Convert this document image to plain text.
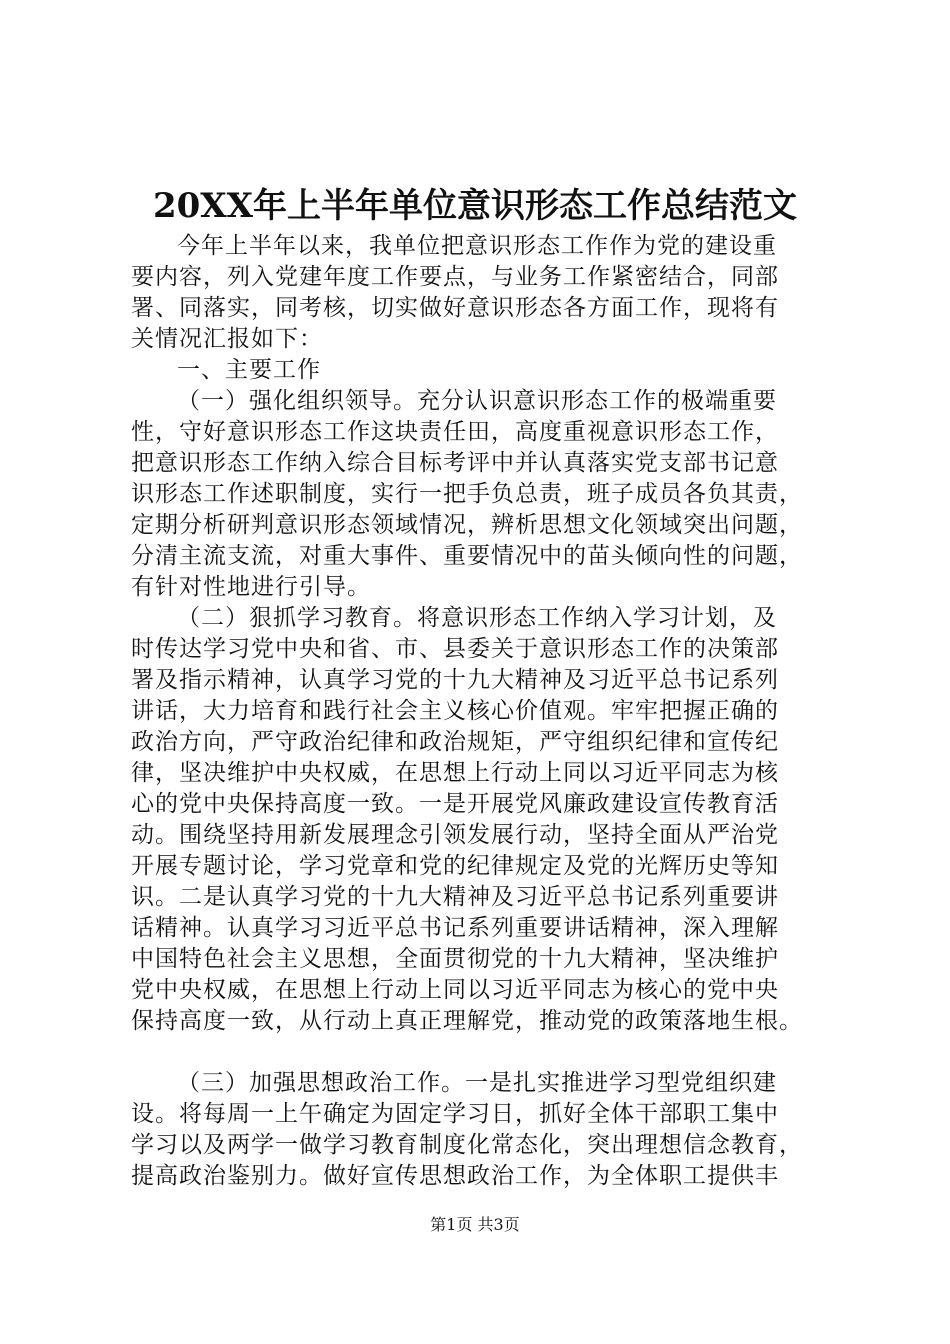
20XX年上半年单位意识形态工作总结范文
今年上半年以来，我单位把意识形态工作作为党的建设重
要内容，列入党建年度工作要点，与业务工作紧密结合，同部
署、同落实，同考核，切实做好意识形态各方面工作，现将有
关情况汇报如下：
一、主要工作
（一）强化组织领导。充分认识意识形态工作的极端重要
性，守好意识形态工作这块责任田，高度重视意识形态工作，
把意识形态工作纳入综合目标考评中并认真落实党支部书记意
识形态工作述职制度，实行一把手负总责，班子成员各负其责，
定期分析研判意识形态领域情况，辨析思想文化领域突出问题，
分清主流支流，对重大事件、重要情况中的苗头倾向性的问题，
有针对性地进行引导。
（二）狠抓学习教育。将意识形态工作纳入学习计划，及
时传达学习党中央和省、市、县委关于意识形态工作的决策部
署及指示精神，认真学习党的十九大精神及习近平总书记系列
讲话，大力培育和践行社会主义核心价值观。牢牢把握正确的
政治方向，严守政治纪律和政治规矩，严守组织纪律和宣传纪
律，坚决维护中央权威，在思想上行动上同以习近平同志为核
心的党中央保持高度一致。一是开展党风廉政建设宣传教育活
动。围绕坚持用新发展理念引领发展行动，坚持全面从严治党
开展专题讨论，学习党章和党的纪律规定及党的光辉历史等知
识。二是认真学习党的十九大精神及习近平总书记系列重要讲
话精神。认真学习习近平总书记系列重要讲话精神，深入理解
中国特色社会主义思想，全面贯彻党的十九大精神，坚决维护
党中央权威，在思想上行动上同以习近平同志为核心的党中央
保持高度一致，从行动上真正理解党，推动党的政策落地生根。
（三）加强思想政治工作。一是扎实推进学习型党组织建
设。将每周一上午确定为固定学习日，抓好全体干部职工集中
学习以及两学一做学习教育制度化常态化，突出理想信念教育，
提高政治鉴别力。做好宣传思想政治工作，为全体职工提供丰
第1页 共3页
